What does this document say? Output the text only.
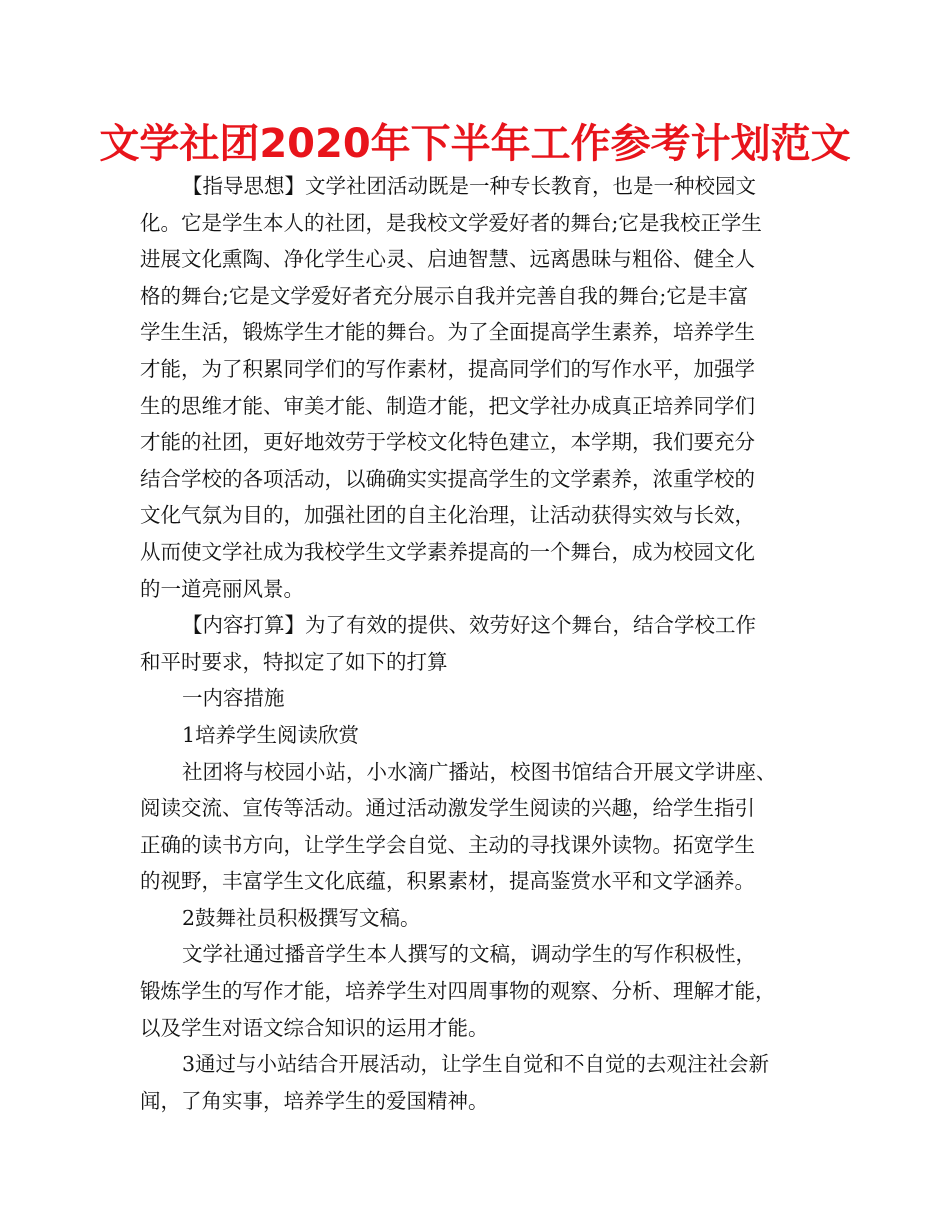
文学社团2020年下半年工作参考计划范文
【指导思想】文学社团活动既是一种专长教育，也是一种校园文
化。它是学生本人的社团，是我校文学爱好者的舞台;它是我校正学生
进展文化熏陶、净化学生心灵、启迪智慧、远离愚昧与粗俗、健全人
格的舞台;它是文学爱好者充分展示自我并完善自我的舞台;它是丰富
学生生活，锻炼学生才能的舞台。为了全面提高学生素养，培养学生
才能，为了积累同学们的写作素材，提高同学们的写作水平，加强学
生的思维才能、审美才能、制造才能，把文学社办成真正培养同学们
才能的社团，更好地效劳于学校文化特色建立，本学期，我们要充分
结合学校的各项活动，以确确实实提高学生的文学素养，浓重学校的
文化气氛为目的，加强社团的自主化治理，让活动获得实效与长效，
从而使文学社成为我校学生文学素养提高的一个舞台，成为校园文化
的一道亮丽风景。
【内容打算】为了有效的提供、效劳好这个舞台，结合学校工作
和平时要求，特拟定了如下的打算
一内容措施
1培养学生阅读欣赏
社团将与校园小站，小水滴广播站，校图书馆结合开展文学讲座、
阅读交流、宣传等活动。通过活动激发学生阅读的兴趣，给学生指引
正确的读书方向，让学生学会自觉、主动的寻找课外读物。拓宽学生
的视野，丰富学生文化底蕴，积累素材，提高鉴赏水平和文学涵养。
2鼓舞社员积极撰写文稿。
文学社通过播音学生本人撰写的文稿，调动学生的写作积极性，
锻炼学生的写作才能，培养学生对四周事物的观察、分析、理解才能，
以及学生对语文综合知识的运用才能。
3通过与小站结合开展活动，让学生自觉和不自觉的去观注社会新
闻，了角实事，培养学生的爱国精神。
